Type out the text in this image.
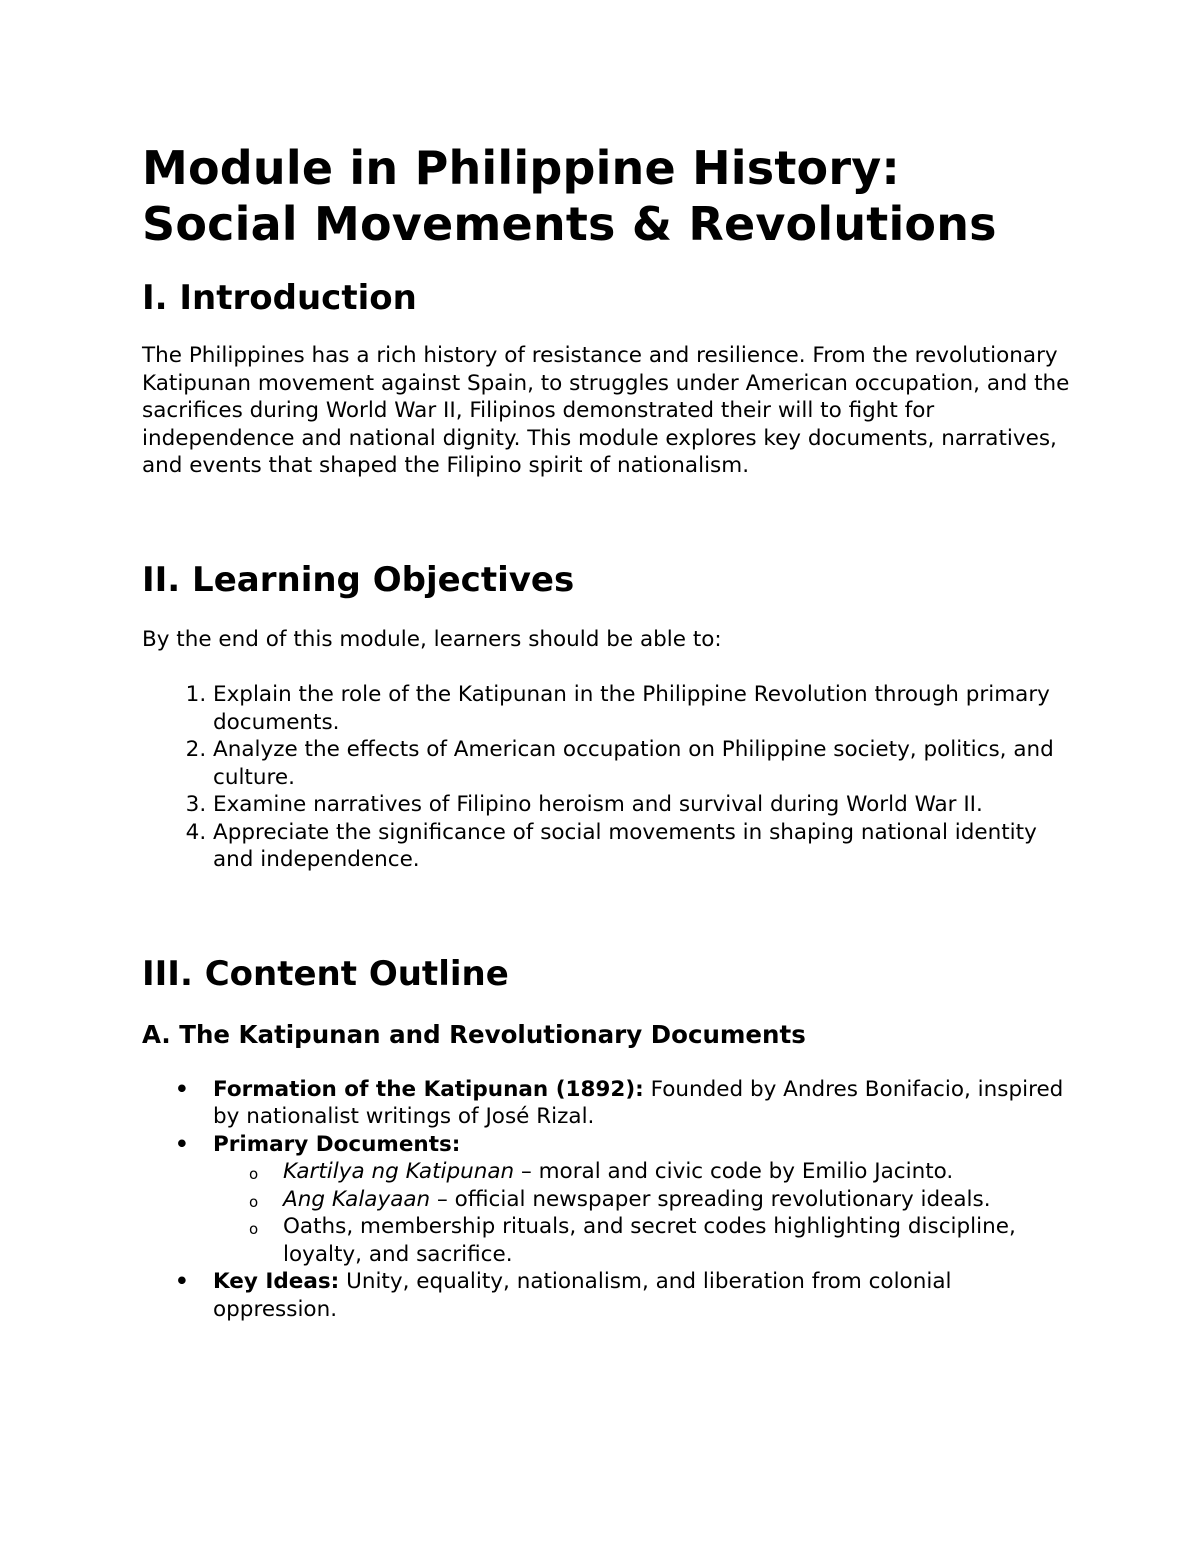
Module in Philippine History:
Social Movements & Revolutions
I. Introduction

The Philippines has a rich history of resistance and resilience. From the revolutionary Katipunan movement against Spain, to struggles under American occupation, and the sacrifices during World War II, Filipinos demonstrated their will to fight for independence and national dignity. This module explores key documents, narratives, and events that shaped the Filipino spirit of nationalism.

II. Learning Objectives

By the end of this module, learners should be able to:

1. Explain the role of the Katipunan in the Philippine Revolution through primary documents.
2. Analyze the effects of American occupation on Philippine society, politics, and culture.
3. Examine narratives of Filipino heroism and survival during World War II.
4. Appreciate the significance of social movements in shaping national identity and independence.
III. Content Outline
A. The Katipunan and Revolutionary Documents
• Formation of the Katipunan (1892): Founded by Andres Bonifacio, inspired by nationalist writings of José Rizal.
• Primary Documents:
o Kartilya ng Katipunan – moral and civic code by Emilio Jacinto.
o Ang Kalayaan – official newspaper spreading revolutionary ideals.
o Oaths, membership rituals, and secret codes highlighting discipline, loyalty, and sacrifice.
• Key Ideas: Unity, equality, nationalism, and liberation from colonial oppression.
